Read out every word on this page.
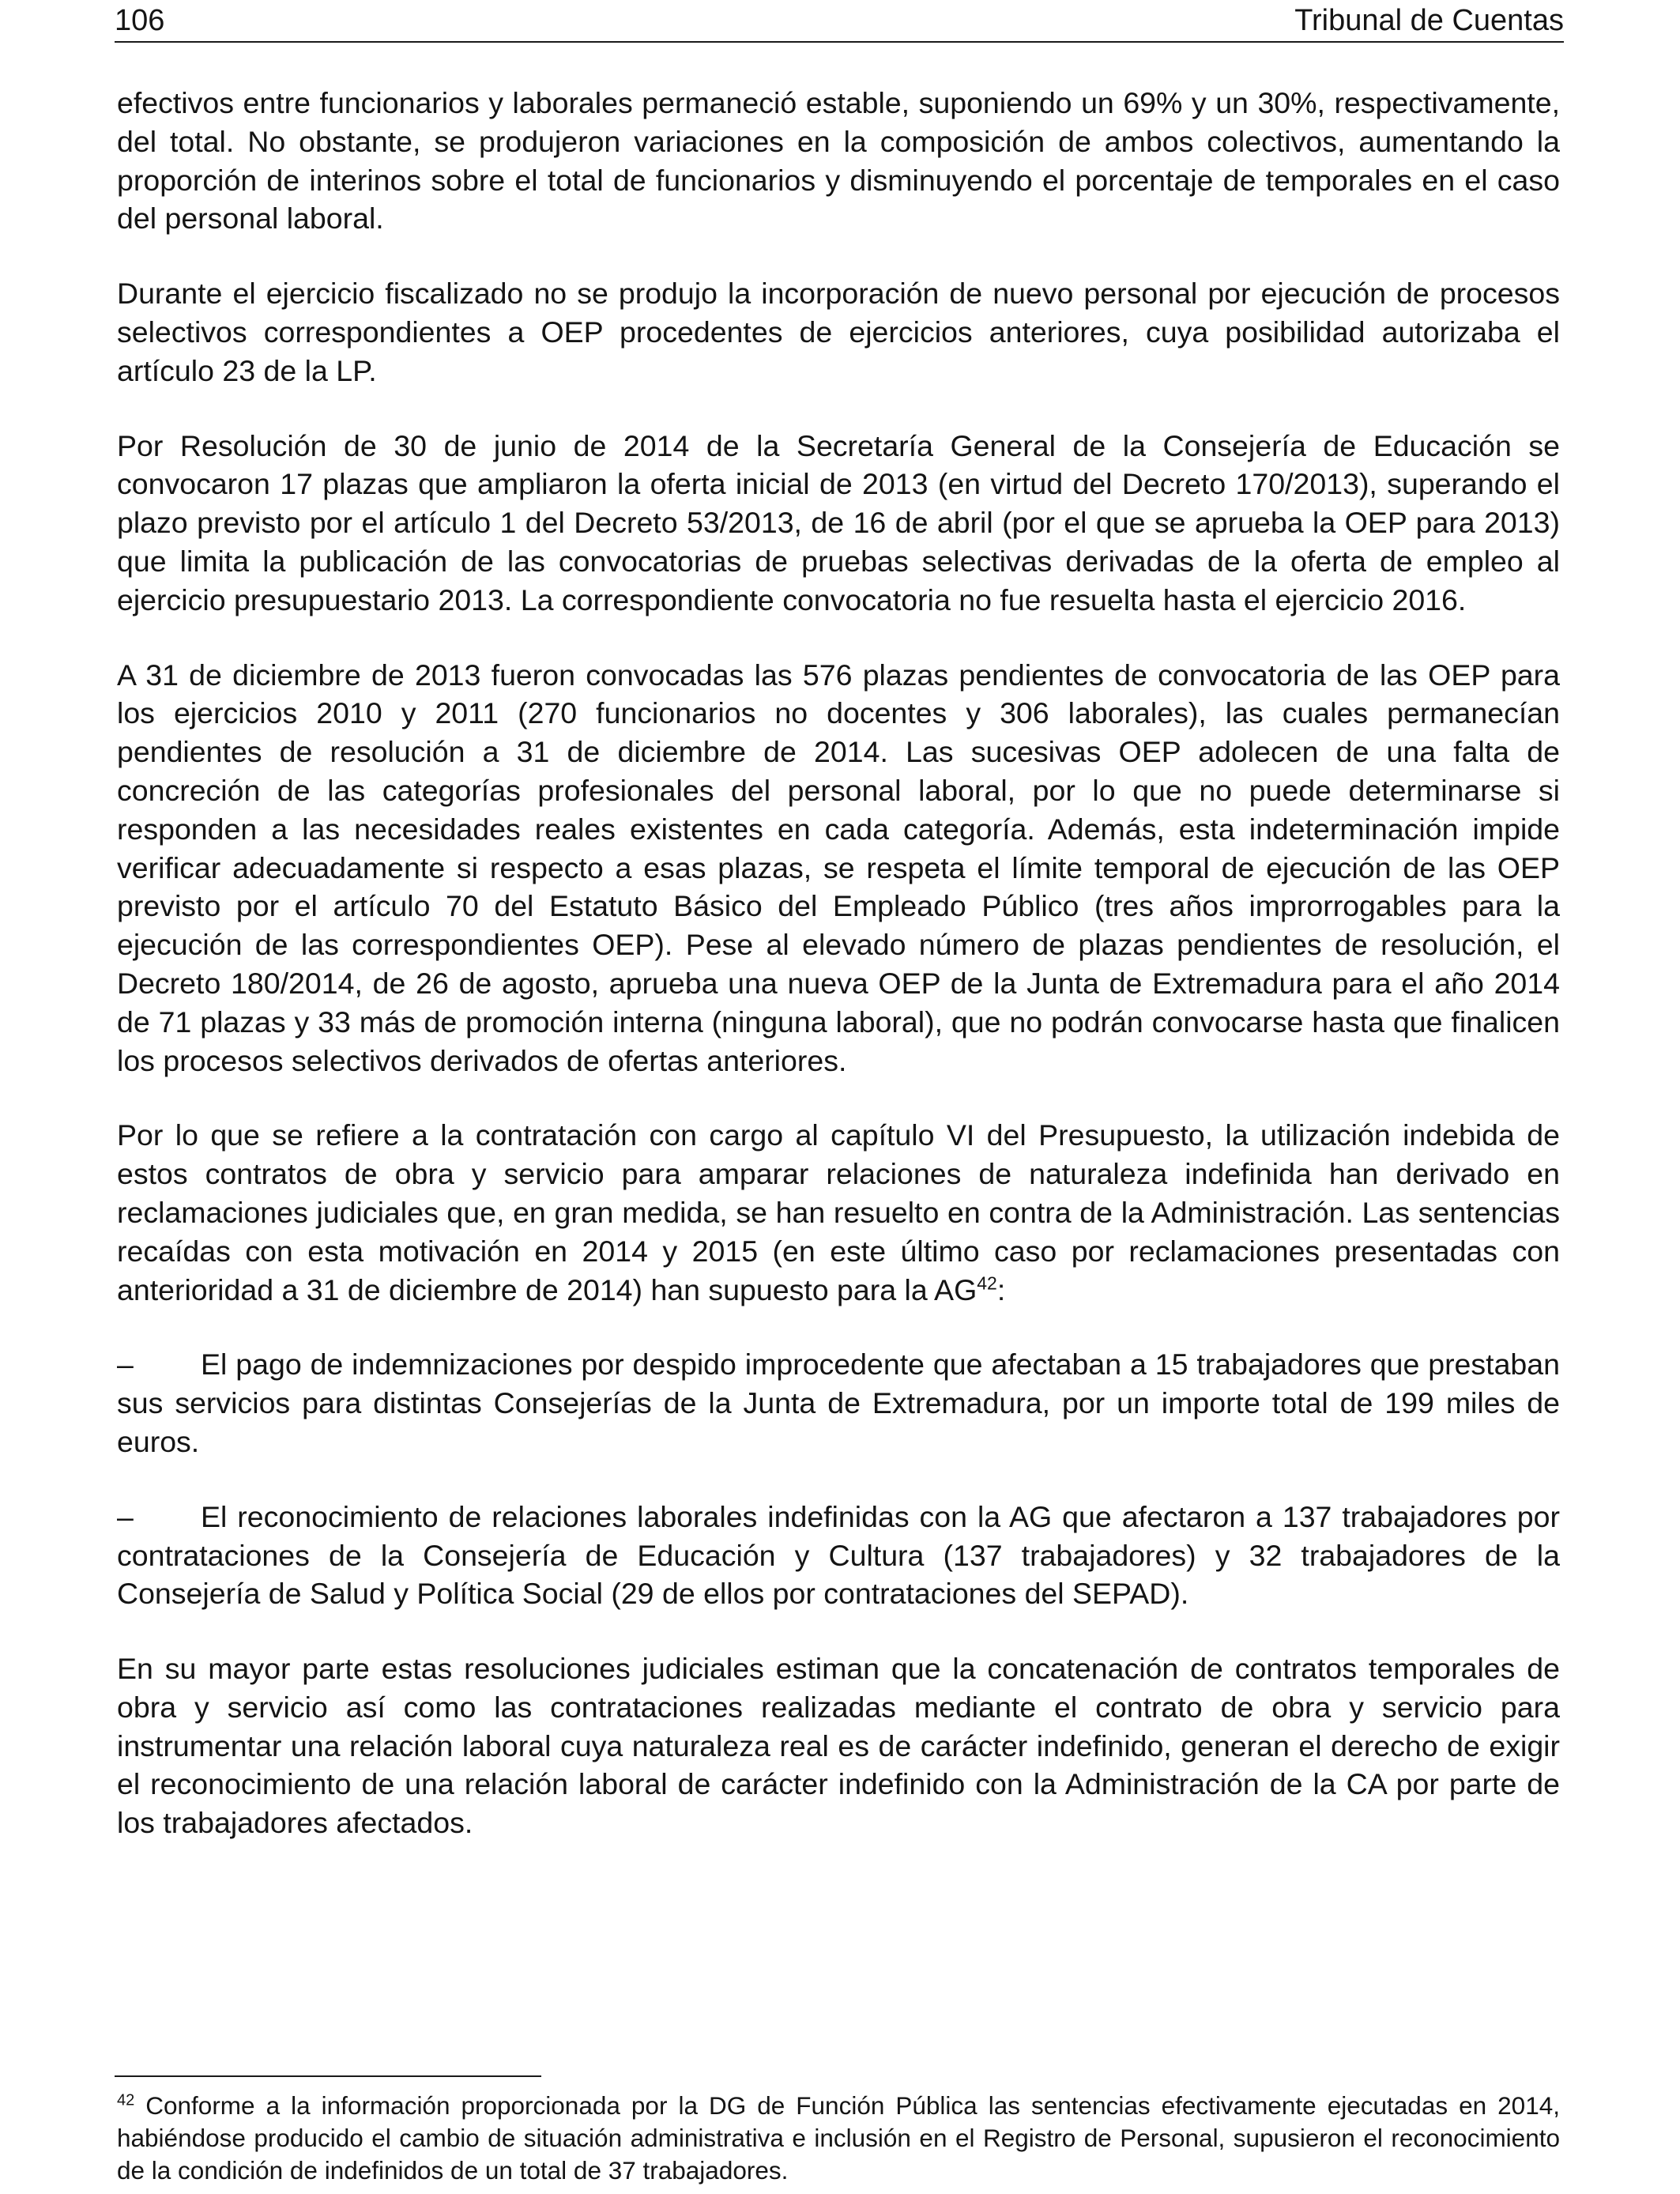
106	Tribunal de Cuentas

efectivos entre funcionarios y laborales permaneció estable, suponiendo un 69% y un 30%, respectivamente, del total. No obstante, se produjeron variaciones en la composición de ambos colectivos, aumentando la proporción de interinos sobre el total de funcionarios y disminuyendo el porcentaje de temporales en el caso del personal laboral.

Durante el ejercicio fiscalizado no se produjo la incorporación de nuevo personal por ejecución de procesos selectivos correspondientes a OEP procedentes de ejercicios anteriores, cuya posibilidad autorizaba el artículo 23 de la LP.

Por Resolución de 30 de junio de 2014 de la Secretaría General de la Consejería de Educación se convocaron 17 plazas que ampliaron la oferta inicial de 2013 (en virtud del Decreto 170/2013), superando el plazo previsto por el artículo 1 del Decreto 53/2013, de 16 de abril (por el que se aprueba la OEP para 2013) que limita la publicación de las convocatorias de pruebas selectivas derivadas de la oferta de empleo al ejercicio presupuestario 2013. La correspondiente convocatoria no fue resuelta hasta el ejercicio 2016.

A 31 de diciembre de 2013 fueron convocadas las 576 plazas pendientes de convocatoria de las OEP para los ejercicios 2010 y 2011 (270 funcionarios no docentes y 306 laborales), las cuales permanecían pendientes de resolución a 31 de diciembre de 2014. Las sucesivas OEP adolecen de una falta de concreción de las categorías profesionales del personal laboral, por lo que no puede determinarse si responden a las necesidades reales existentes en cada categoría. Además, esta indeterminación impide verificar adecuadamente si respecto a esas plazas, se respeta el límite temporal de ejecución de las OEP previsto por el artículo 70 del Estatuto Básico del Empleado Público (tres años improrrogables para la ejecución de las correspondientes OEP). Pese al elevado número de plazas pendientes de resolución, el Decreto 180/2014, de 26 de agosto, aprueba una nueva OEP de la Junta de Extremadura para el año 2014 de 71 plazas y 33 más de promoción interna (ninguna laboral), que no podrán convocarse hasta que finalicen los procesos selectivos derivados de ofertas anteriores.

Por lo que se refiere a la contratación con cargo al capítulo VI del Presupuesto, la utilización indebida de estos contratos de obra y servicio para amparar relaciones de naturaleza indefinida han derivado en reclamaciones judiciales que, en gran medida, se han resuelto en contra de la Administración. Las sentencias recaídas con esta motivación en 2014 y 2015 (en este último caso por reclamaciones presentadas con anterioridad a 31 de diciembre de 2014) han supuesto para la AG$^{42}$:

– El pago de indemnizaciones por despido improcedente que afectaban a 15 trabajadores que prestaban sus servicios para distintas Consejerías de la Junta de Extremadura, por un importe total de 199 miles de euros.

– El reconocimiento de relaciones laborales indefinidas con la AG que afectaron a 137 trabajadores por contrataciones de la Consejería de Educación y Cultura (137 trabajadores) y 32 trabajadores de la Consejería de Salud y Política Social (29 de ellos por contrataciones del SEPAD).

En su mayor parte estas resoluciones judiciales estiman que la concatenación de contratos temporales de obra y servicio así como las contrataciones realizadas mediante el contrato de obra y servicio para instrumentar una relación laboral cuya naturaleza real es de carácter indefinido, generan el derecho de exigir el reconocimiento de una relación laboral de carácter indefinido con la Administración de la CA por parte de los trabajadores afectados.

$^{42}$ Conforme a la información proporcionada por la DG de Función Pública las sentencias efectivamente ejecutadas en 2014, habiéndose producido el cambio de situación administrativa e inclusión en el Registro de Personal, supusieron el reconocimiento de la condición de indefinidos de un total de 37 trabajadores.
